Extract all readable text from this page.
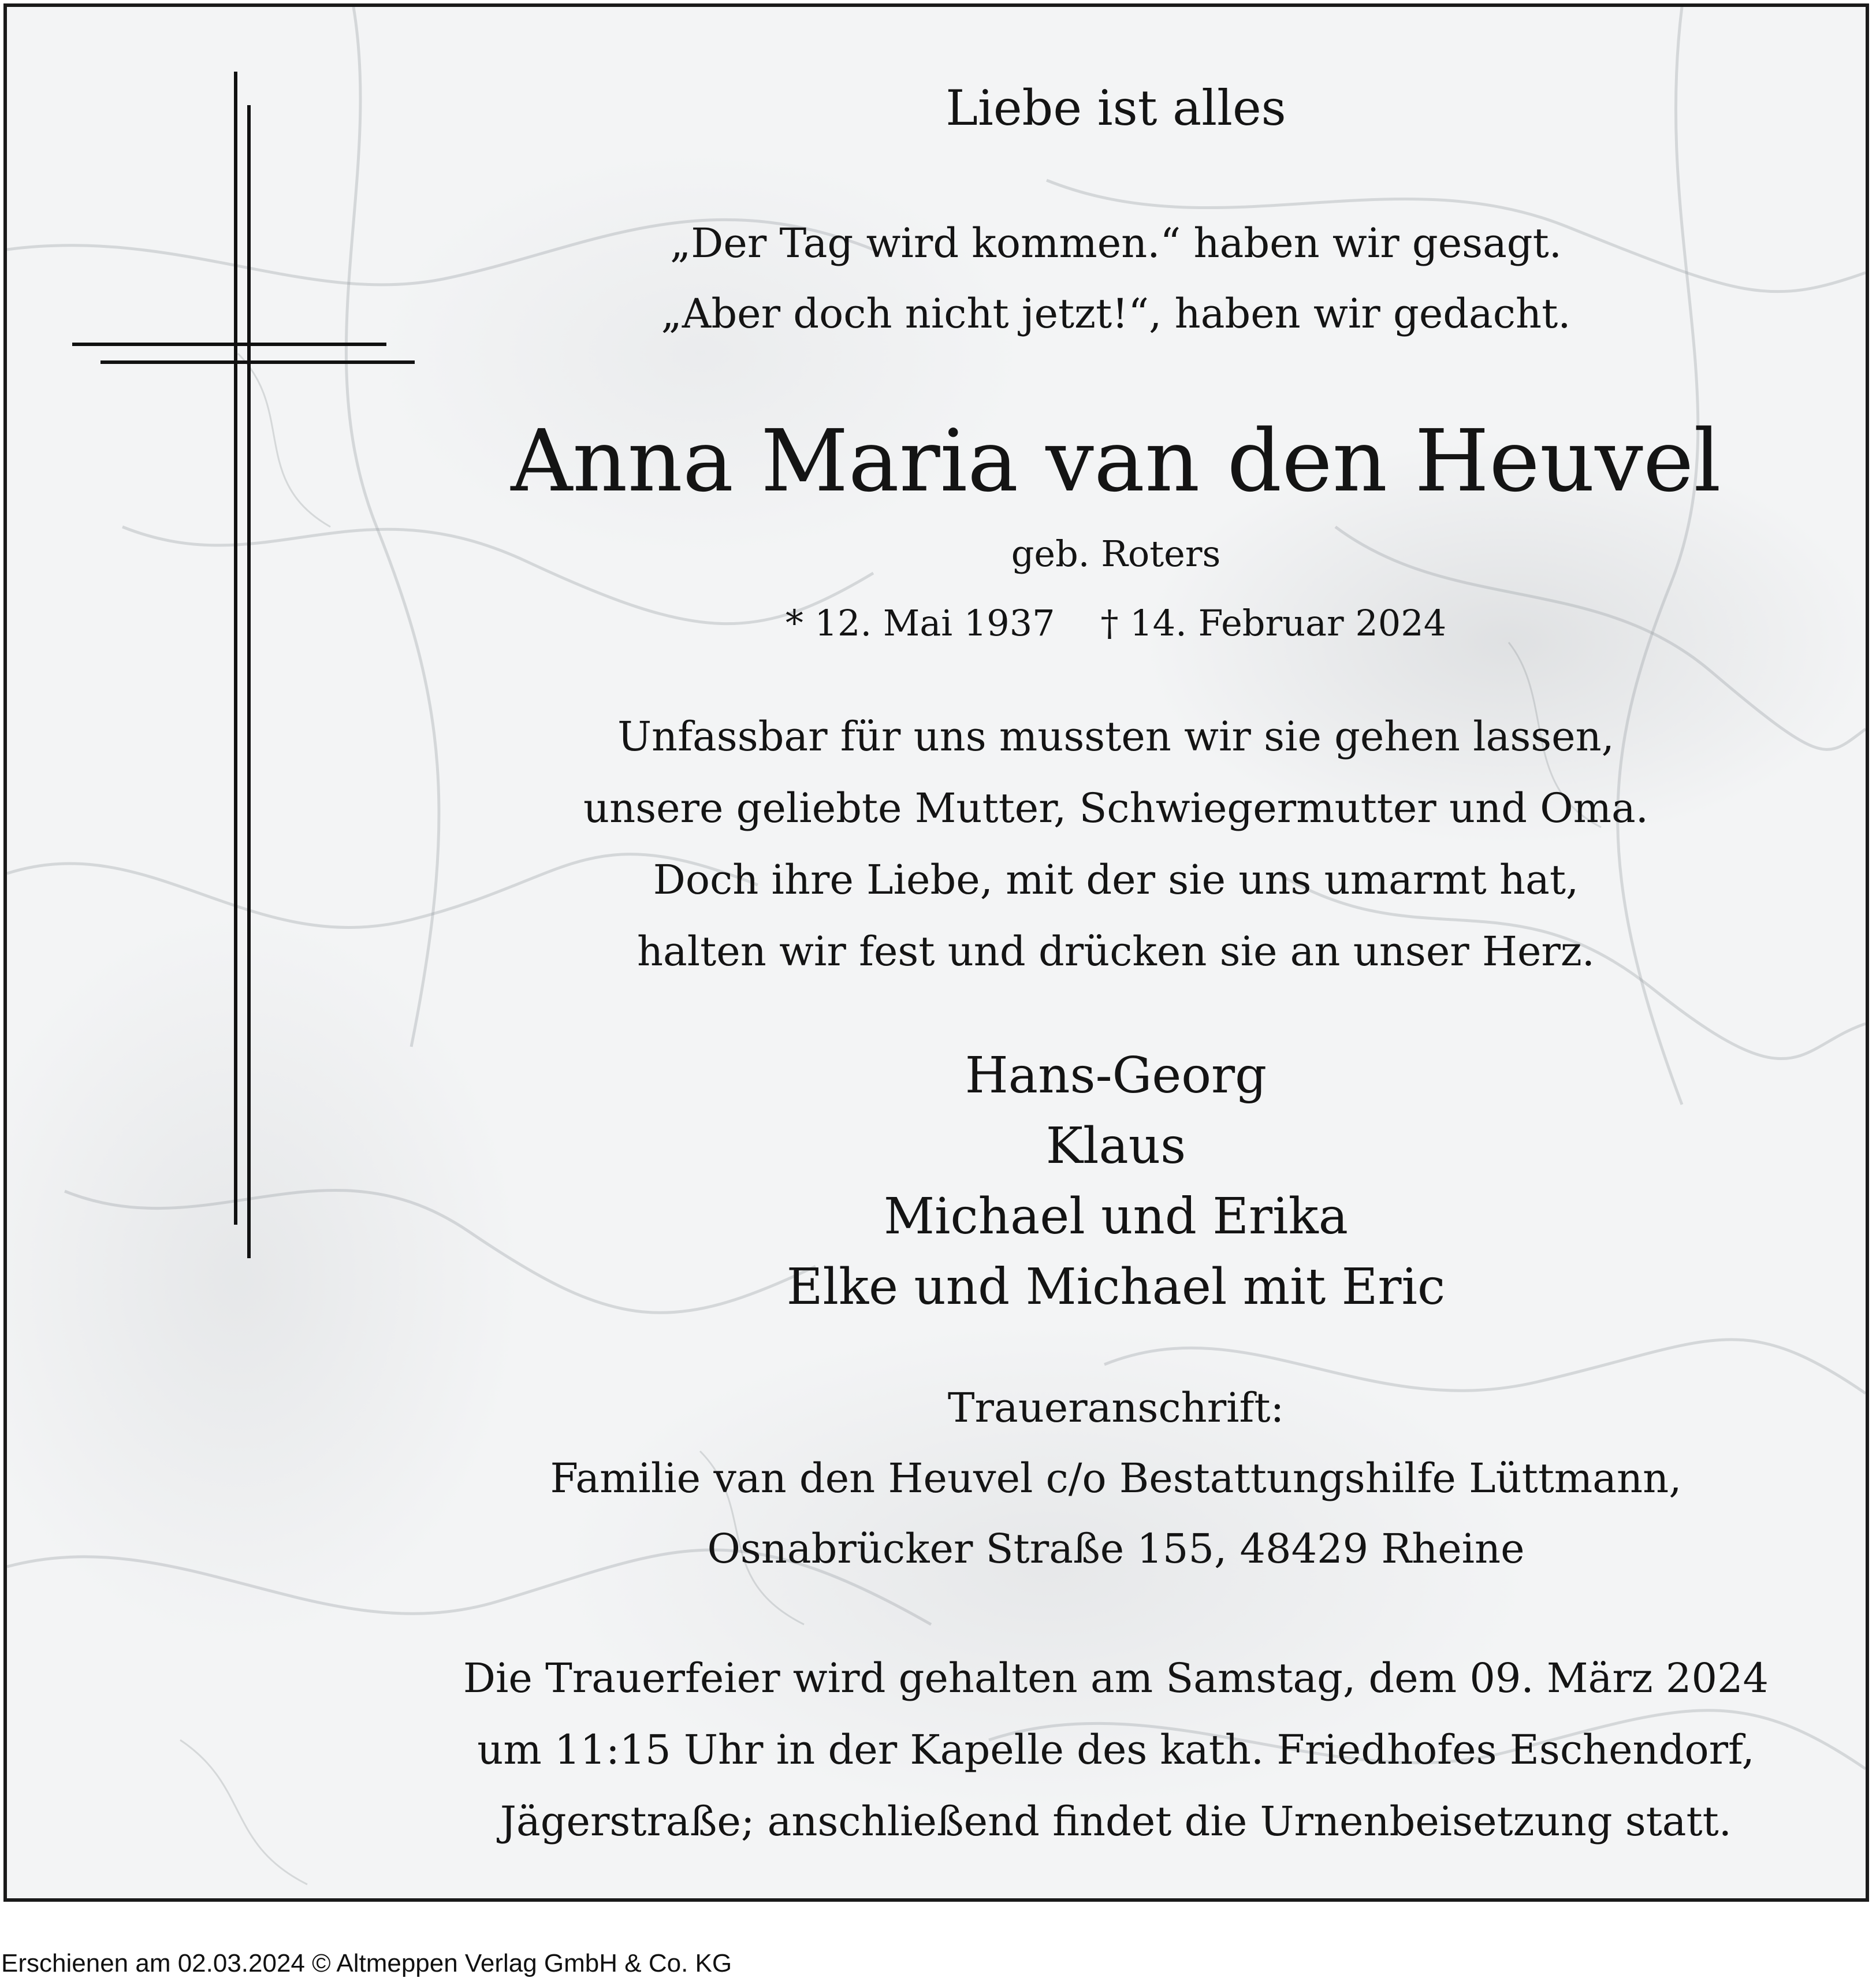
Liebe ist alles
„Der Tag wird kommen.“ haben wir gesagt.
„Aber doch nicht jetzt!“, haben wir gedacht.
Anna Maria van den Heuvel
geb. Roters
* 12. Mai 1937    † 14. Februar 2024
Unfassbar für uns mussten wir sie gehen lassen,
unsere geliebte Mutter, Schwiegermutter und Oma.
Doch ihre Liebe, mit der sie uns umarmt hat,
halten wir fest und drücken sie an unser Herz.
Hans-Georg
Klaus
Michael und Erika
Elke und Michael mit Eric
Traueranschrift:
Familie van den Heuvel c/o Bestattungshilfe Lüttmann,
Osnabrücker Straße 155, 48429 Rheine
Die Trauerfeier wird gehalten am Samstag, dem 09. März 2024
um 11:15 Uhr in der Kapelle des kath. Friedhofes Eschendorf,
Jägerstraße; anschließend findet die Urnenbeisetzung statt.
Erschienen am 02.03.2024 © Altmeppen Verlag GmbH & Co. KG
